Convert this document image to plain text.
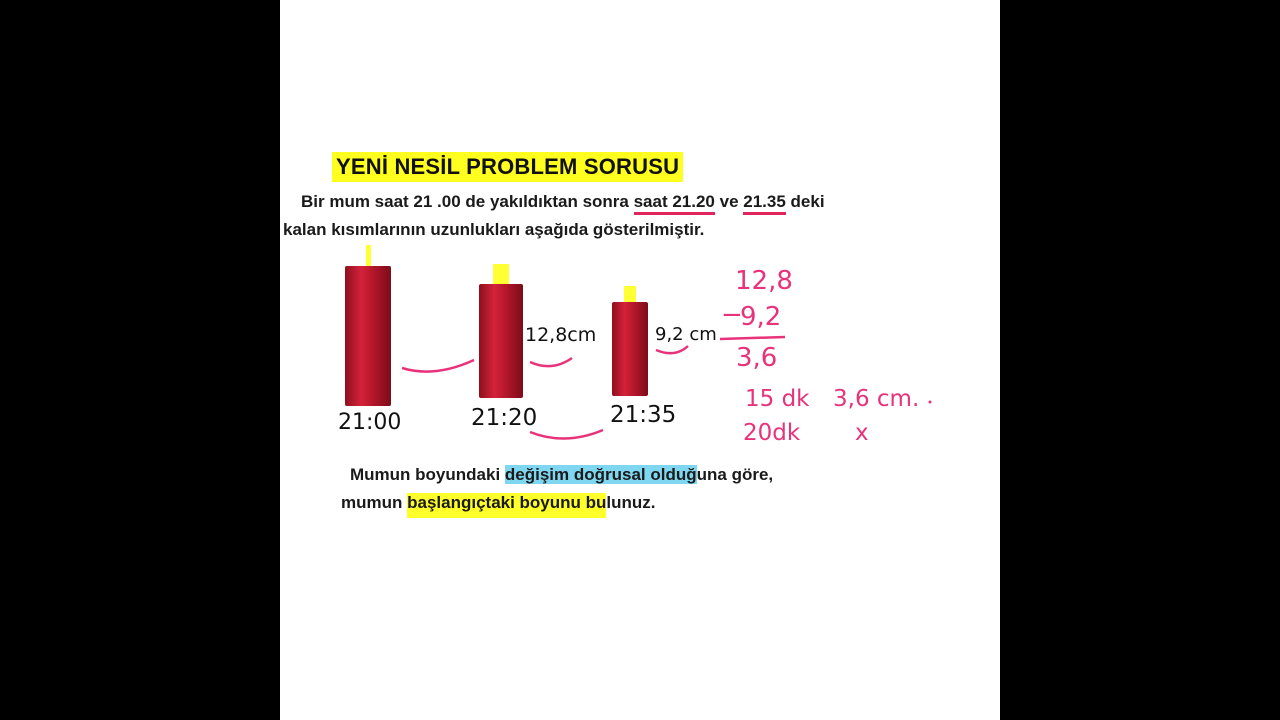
YENİ NESİL PROBLEM SORUSU
Bir mum saat 21 .00 de yakıldıktan sonra saat 21.20 ve 21.35 deki
kalan kısımlarının uzunlukları aşağıda gösterilmiştir.
21:00	21:20	21:35
12,8cm	9,2 cm
12,8
−
9,2
3,6
15 dk 3,6 cm.
20dk x
Mumun boyundaki değişim doğrusal olduğuna göre,
mumun başlangıçtaki boyunu bulunuz.
